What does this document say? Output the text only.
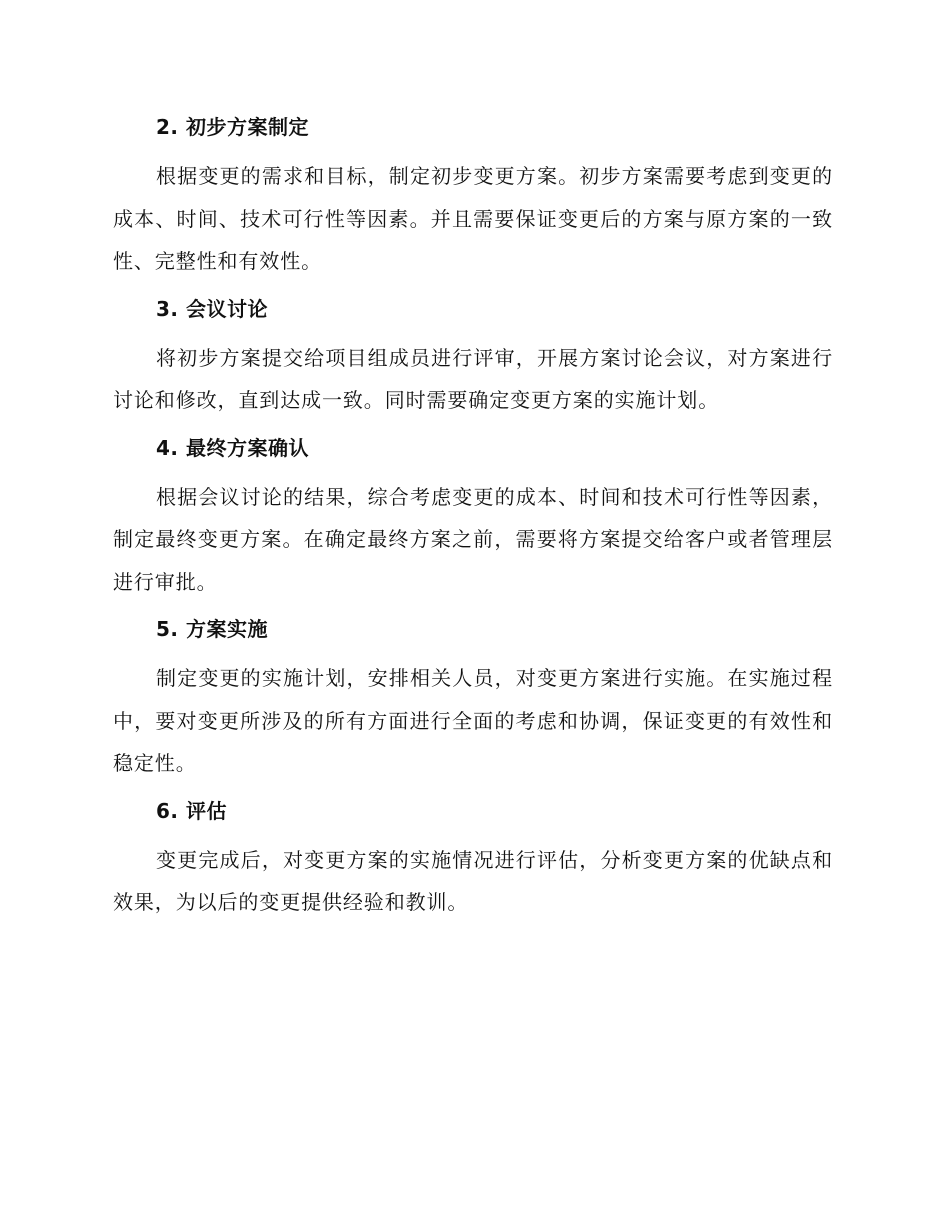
2. 初步方案制定

根据变更的需求和目标，制定初步变更方案。初步方案需要考虑到变更的成本、时间、技术可行性等因素。并且需要保证变更后的方案与原方案的一致性、完整性和有效性。

3. 会议讨论

将初步方案提交给项目组成员进行评审，开展方案讨论会议，对方案进行讨论和修改，直到达成一致。同时需要确定变更方案的实施计划。

4. 最终方案确认

根据会议讨论的结果，综合考虑变更的成本、时间和技术可行性等因素，制定最终变更方案。在确定最终方案之前，需要将方案提交给客户或者管理层进行审批。

5. 方案实施

制定变更的实施计划，安排相关人员，对变更方案进行实施。在实施过程中，要对变更所涉及的所有方面进行全面的考虑和协调，保证变更的有效性和稳定性。

6. 评估

变更完成后，对变更方案的实施情况进行评估，分析变更方案的优缺点和效果，为以后的变更提供经验和教训。
